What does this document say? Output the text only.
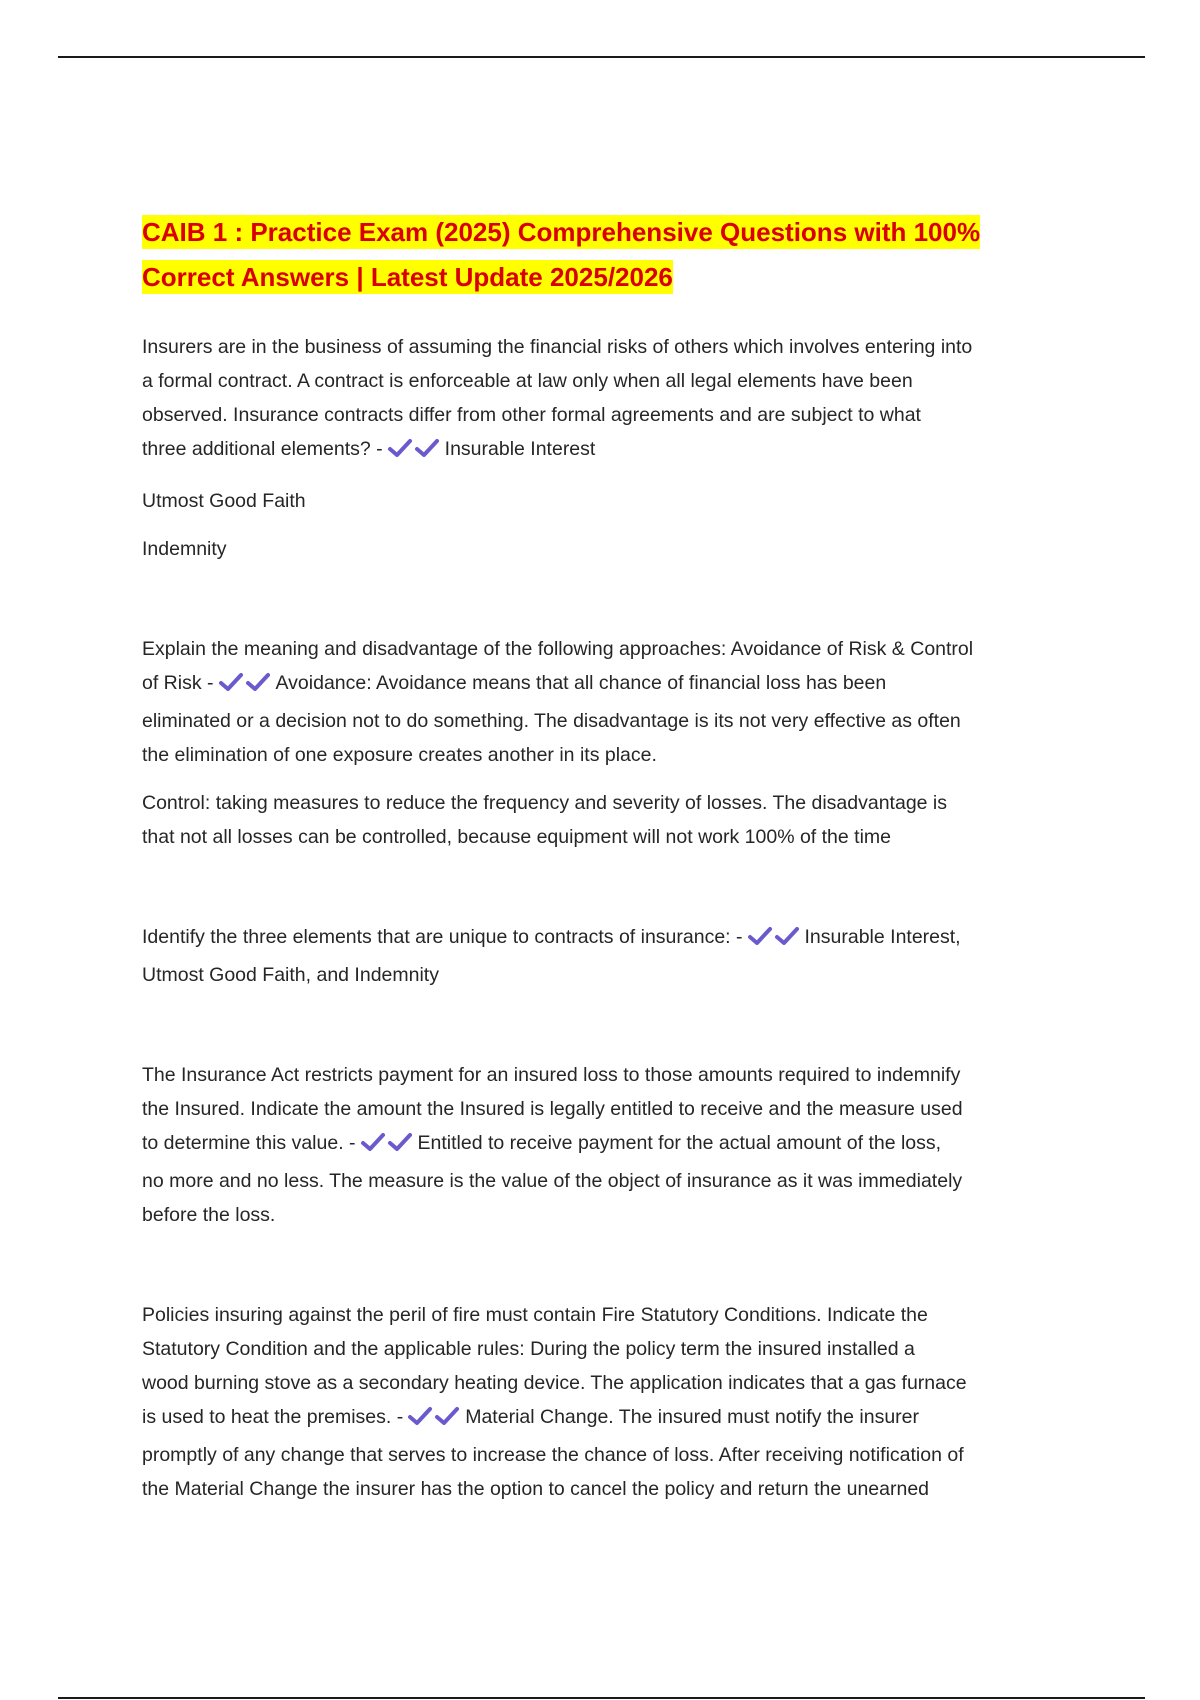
CAIB 1 : Practice Exam (2025) Comprehensive Questions with 100%
Correct Answers | Latest Update 2025/2026

Insurers are in the business of assuming the financial risks of others which involves entering into

a formal contract. A contract is enforceable at law only when all legal elements have been

observed. Insurance contracts differ from other formal agreements and are subject to what

three additional elements? -	Insurable Interest

Utmost Good Faith

Indemnity

Explain the meaning and disadvantage of the following approaches: Avoidance of Risk & Control

of Risk -	Avoidance: Avoidance means that all chance of financial loss has been

eliminated or a decision not to do something. The disadvantage is its not very effective as often

the elimination of one exposure creates another in its place.

Control: taking measures to reduce the frequency and severity of losses. The disadvantage is

that not all losses can be controlled, because equipment will not work 100% of the time

Identify the three elements that are unique to contracts of insurance: -	Insurable Interest,

Utmost Good Faith, and Indemnity

The Insurance Act restricts payment for an insured loss to those amounts required to indemnify

the Insured. Indicate the amount the Insured is legally entitled to receive and the measure used

to determine this value. -	Entitled to receive payment for the actual amount of the loss,

no more and no less. The measure is the value of the object of insurance as it was immediately

before the loss.

Policies insuring against the peril of fire must contain Fire Statutory Conditions. Indicate the

Statutory Condition and the applicable rules: During the policy term the insured installed a

wood burning stove as a secondary heating device. The application indicates that a gas furnace

is used to heat the premises. -	Material Change. The insured must notify the insurer

promptly of any change that serves to increase the chance of loss. After receiving notification of

the Material Change the insurer has the option to cancel the policy and return the unearned
